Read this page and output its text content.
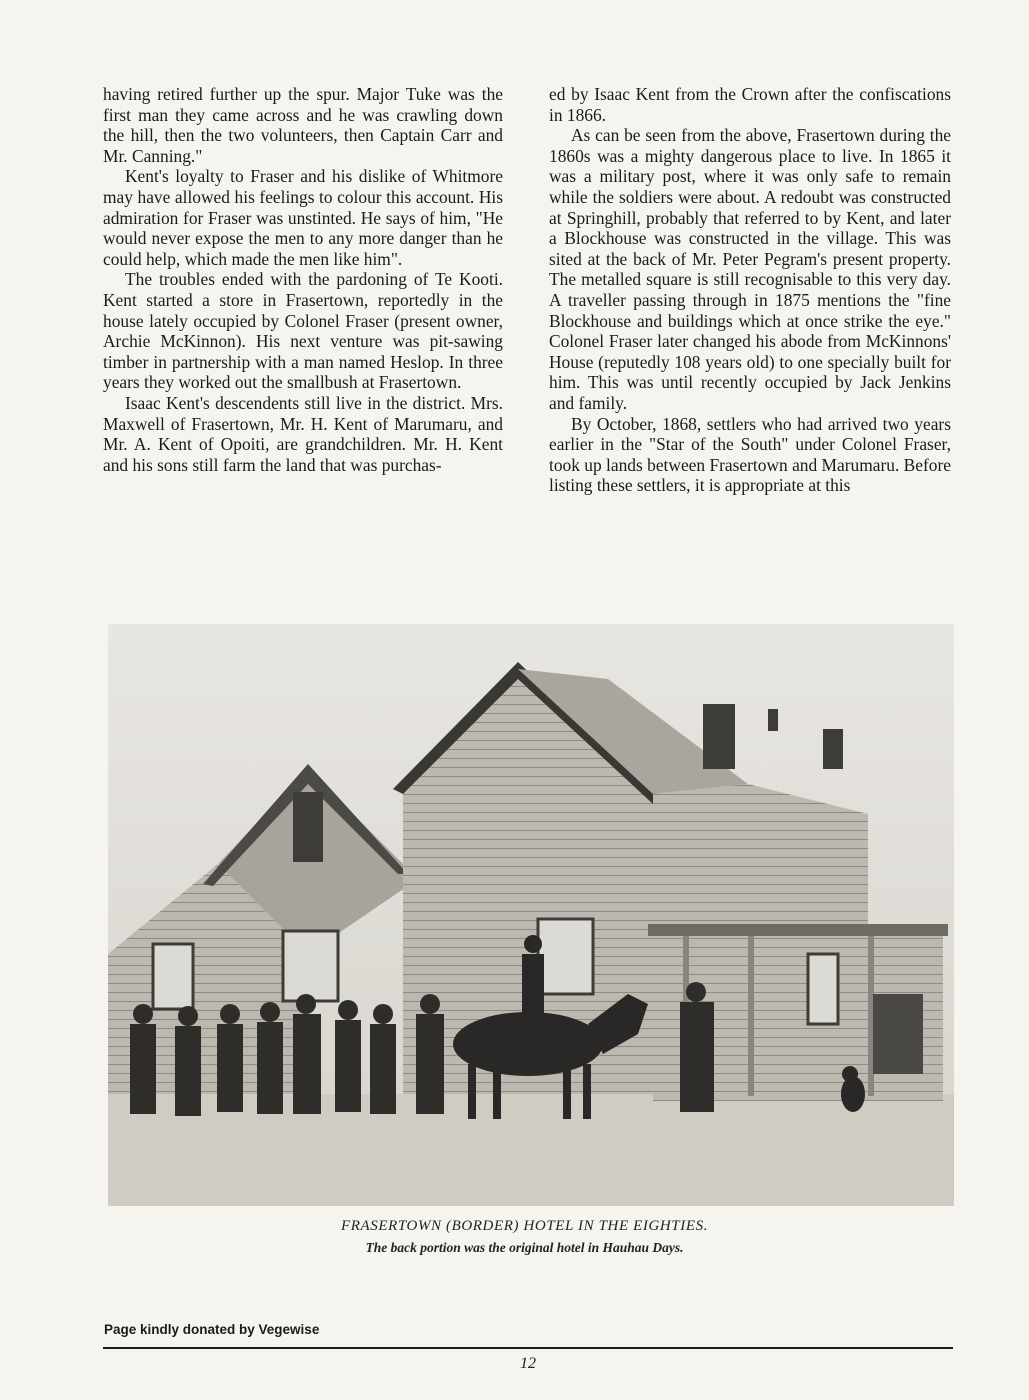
having retired further up the spur. Major Tuke was the first man they came across and he was crawling down the hill, then the two volunteers, then Captain Carr and Mr. Canning."

Kent's loyalty to Fraser and his dislike of Whitmore may have allowed his feelings to colour this account. His admiration for Fraser was unstinted. He says of him, "He would never expose the men to any more danger than he could help, which made the men like him".

The troubles ended with the pardoning of Te Kooti. Kent started a store in Frasertown, reportedly in the house lately occupied by Colonel Fraser (present owner, Archie McKinnon). His next venture was pit-sawing timber in partnership with a man named Heslop. In three years they worked out the smallbush at Frasertown.

Isaac Kent's descendents still live in the district. Mrs. Maxwell of Frasertown, Mr. H. Kent of Marumaru, and Mr. A. Kent of Opoiti, are grandchildren. Mr. H. Kent and his sons still farm the land that was purchas-

ed by Isaac Kent from the Crown after the confiscations in 1866.

As can be seen from the above, Frasertown during the 1860s was a mighty dangerous place to live. In 1865 it was a military post, where it was only safe to remain while the soldiers were about. A redoubt was constructed at Springhill, probably that referred to by Kent, and later a Blockhouse was constructed in the village. This was sited at the back of Mr. Peter Pegram's present property. The metalled square is still recognisable to this very day. A traveller passing through in 1875 mentions the "fine Blockhouse and buildings which at once strike the eye." Colonel Fraser later changed his abode from McKinnons' House (reputedly 108 years old) to one specially built for him. This was until recently occupied by Jack Jenkins and family.

By October, 1868, settlers who had arrived two years earlier in the "Star of the South" under Colonel Fraser, took up lands between Frasertown and Marumaru. Before listing these settlers, it is appropriate at this

FRASERTOWN (BORDER) HOTEL IN THE EIGHTIES.
The back portion was the original hotel in Hauhau Days.
Page kindly donated by Vegewise
12
